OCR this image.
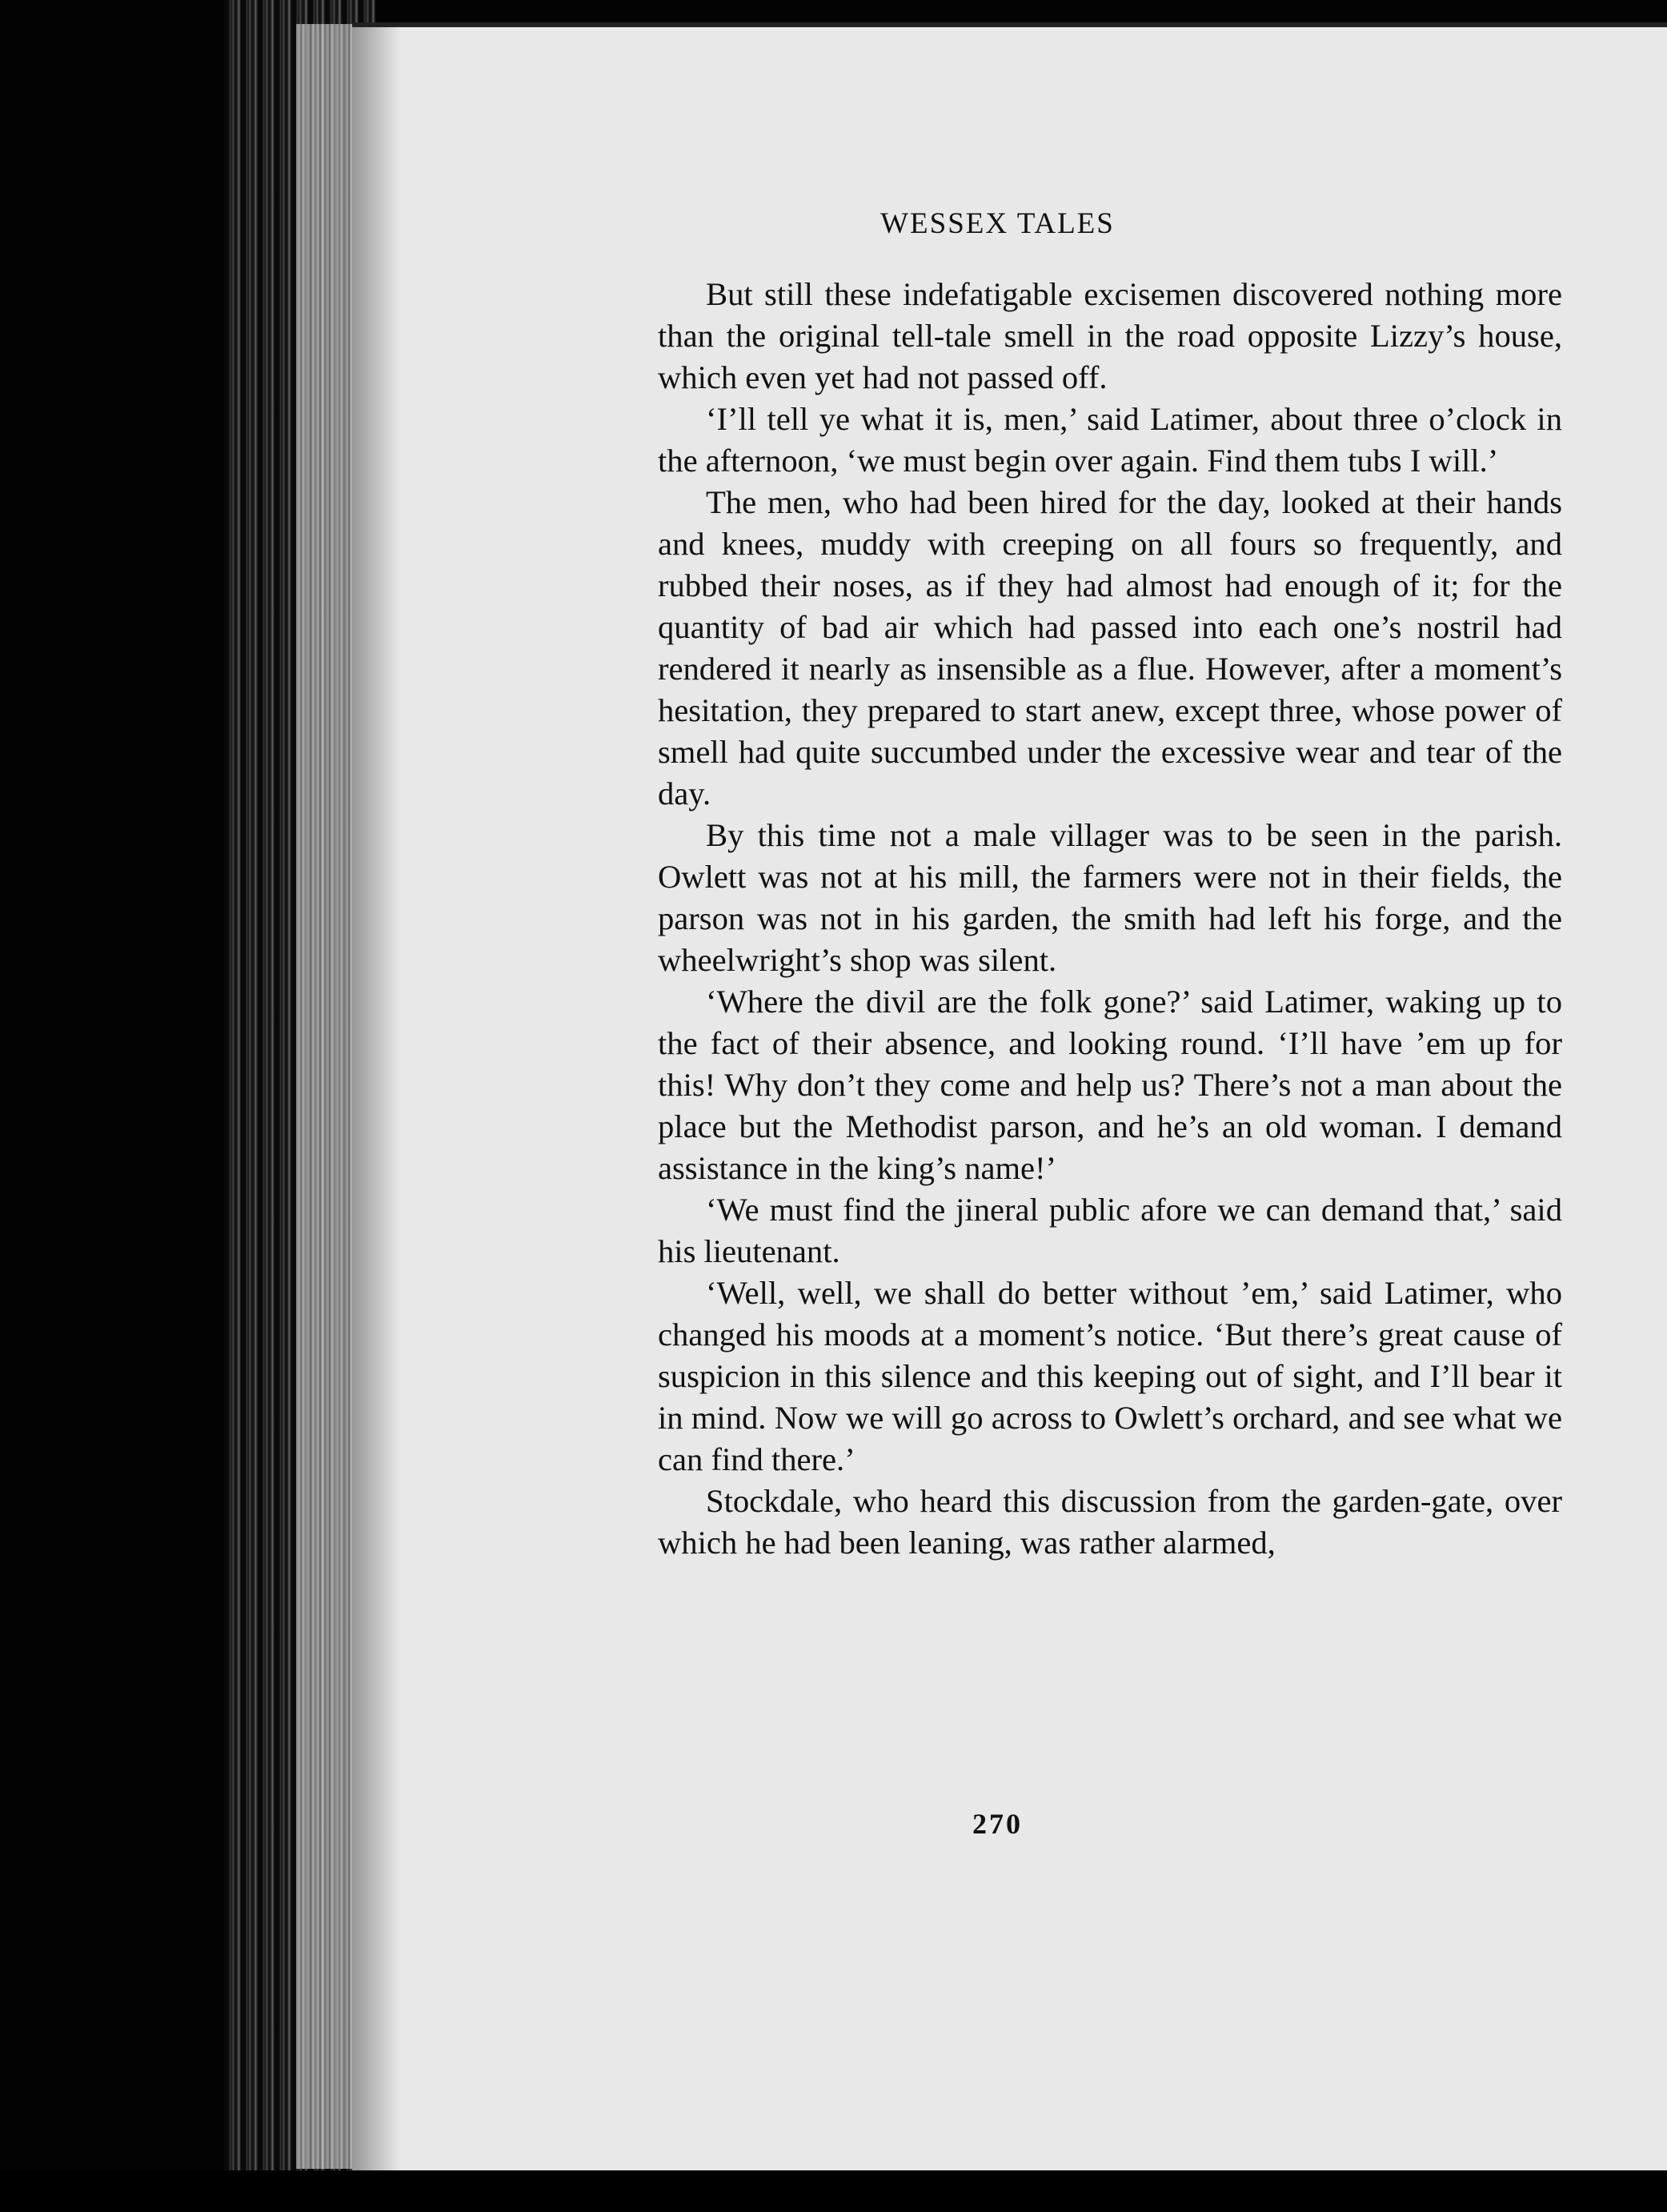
WESSEX TALES

But still these indefatigable excisemen discovered nothing more than the original tell-tale smell in the road opposite Lizzy’s house, which even yet had not passed off.

‘I’ll tell ye what it is, men,’ said Latimer, about three o’clock in the afternoon, ‘we must begin over again. Find them tubs I will.’

The men, who had been hired for the day, looked at their hands and knees, muddy with creeping on all fours so frequently, and rubbed their noses, as if they had almost had enough of it; for the quantity of bad air which had passed into each one’s nostril had rendered it nearly as insensible as a flue. However, after a moment’s hesitation, they prepared to start anew, except three, whose power of smell had quite succumbed under the excessive wear and tear of the day.

By this time not a male villager was to be seen in the parish. Owlett was not at his mill, the farmers were not in their fields, the parson was not in his garden, the smith had left his forge, and the wheelwright’s shop was silent.

‘Where the divil are the folk gone?’ said Latimer, waking up to the fact of their absence, and looking round. ‘I’ll have ’em up for this! Why don’t they come and help us? There’s not a man about the place but the Methodist parson, and he’s an old woman. I demand assistance in the king’s name!’

‘We must find the jineral public afore we can demand that,’ said his lieutenant.

‘Well, well, we shall do better without ’em,’ said Latimer, who changed his moods at a moment’s notice. ‘But there’s great cause of suspicion in this silence and this keeping out of sight, and I’ll bear it in mind. Now we will go across to Owlett’s orchard, and see what we can find there.’

Stockdale, who heard this discussion from the garden-gate, over which he had been leaning, was rather alarmed,

270
